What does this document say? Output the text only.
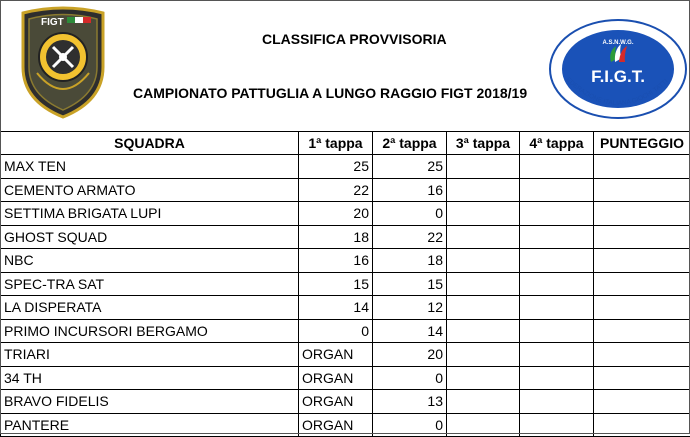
FIGT
CLASSIFICA PROVVISORIA
CAMPIONATO PATTUGLIA A LUNGO RAGGIO FIGT 2018/19
A.S.N.W.G.
F.I.G.T.
EDERAZIONE ITALIANA GIOCHI TATTI
SQUADRA	1ª tappa	2ª tappa	3ª tappa	4ª tappa	PUNTEGGIO
MAX TEN	25	25			
CEMENTO ARMATO	22	16			
SETTIMA BRIGATA LUPI	20	0			
GHOST SQUAD	18	22			
NBC	16	18			
SPEC-TRA SAT	15	15			
LA DISPERATA	14	12			
PRIMO INCURSORI BERGAMO	0	14			
TRIARI	ORGAN	20			
34 TH	ORGAN	0			
BRAVO FIDELIS	ORGAN	13			
PANTERE	ORGAN	0			
